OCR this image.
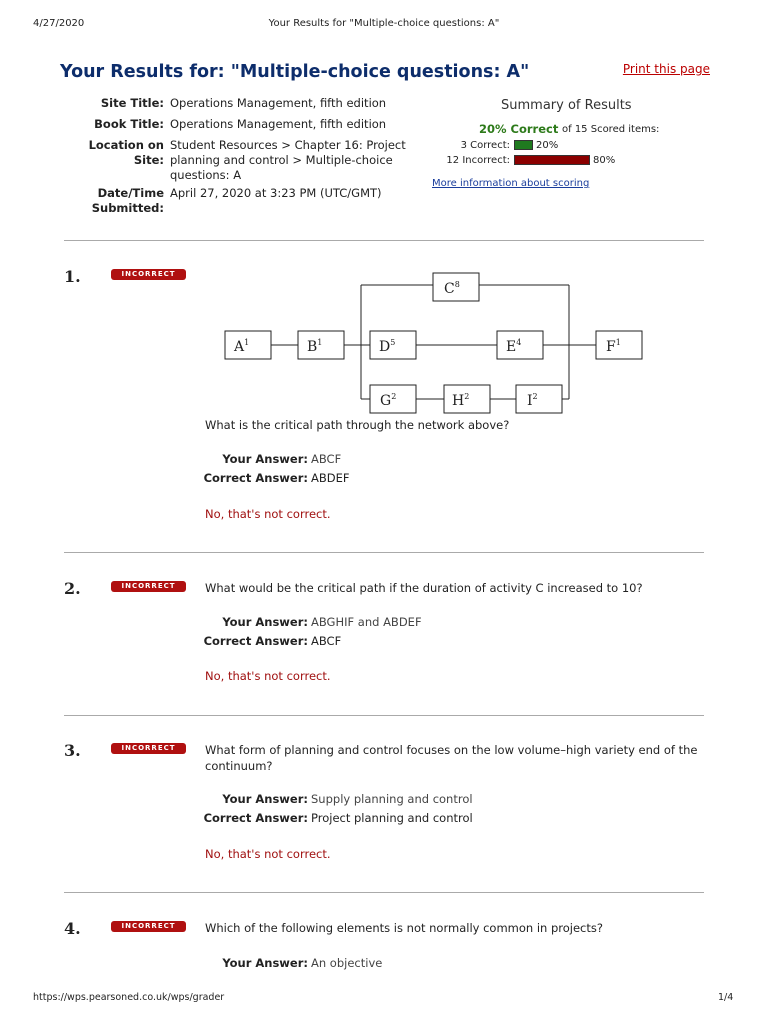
4/27/2020	Your Results for "Multiple-choice questions: A"
Your Results for: "Multiple-choice questions: A"	Print this page
Site Title: Operations Management, fifth edition
Book Title: Operations Management, fifth edition
Location on
Site:
Student Resources > Chapter 16: Project
planning and control > Multiple-choice
questions: A
Date/Time
Submitted:
April 27, 2020 at 3:23 PM (UTC/GMT)
Summary of Results
20% Correct of 15 Scored items:
3 Correct:	20%
12 Incorrect:	80%
More information about scoring
1.	INCORRECT
$A^1$	$B^1$
$C^8$
$D^5$	$E^4$	$F^1$
$G^2$	$H^2$	$I^2$
What is the critical path through the network above?
Your Answer: ABCF
Correct Answer: ABDEF
No, that's not correct.
2.	INCORRECT	What would be the critical path if the duration of activity C increased to 10?
Your Answer: ABGHIF and ABDEF
Correct Answer: ABCF
No, that's not correct.
3.	INCORRECT	What form of planning and control focuses on the low volume–high variety end of the
continuum?
Your Answer: Supply planning and control
Correct Answer: Project planning and control
No, that's not correct.
4.	INCORRECT	Which of the following elements is not normally common in projects?
Your Answer: An objective
https://wps.pearsoned.co.uk/wps/grader	1/4
